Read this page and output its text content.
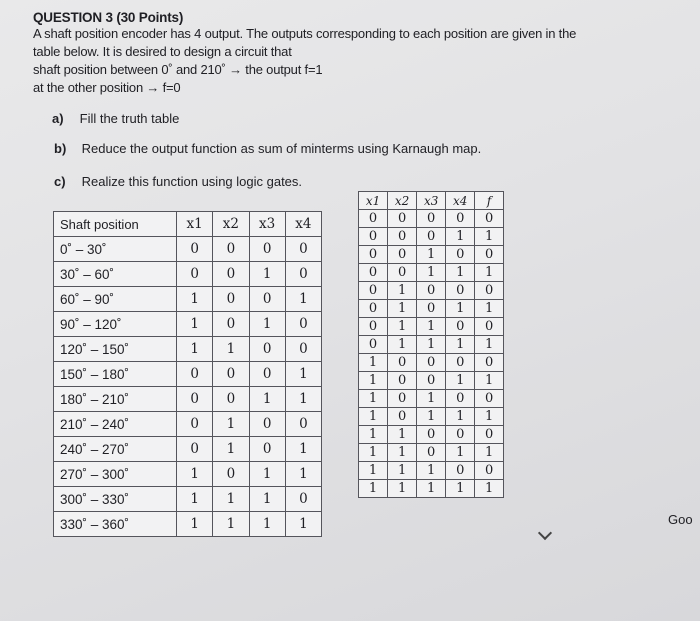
QUESTION 3 (30 Points)
A shaft position encoder has 4 output. The outputs corresponding to each position are given in the
table below. It is desired to design a circuit that
shaft position between 0˚ and 210˚ → the output f=1
at the other position → f=0
a) Fill the truth table
b) Reduce the output function as sum of minterms using Karnaugh map.
c) Realize this function using logic gates.
Shaft position	x1	x2	x3	x4
0˚ – 30˚	0	0	0	0
30˚ – 60˚	0	0	1	0
60˚ – 90˚	1	0	0	1
90˚ – 120˚	1	0	1	0
120˚ – 150˚	1	1	0	0
150˚ – 180˚	0	0	0	1
180˚ – 210˚	0	0	1	1
210˚ – 240˚	0	1	0	0
240˚ – 270˚	0	1	0	1
270˚ – 300˚	1	0	1	1
300˚ – 330˚	1	1	1	0
330˚ – 360˚	1	1	1	1
x1	x2	x3	x4	f
0	0	0	0	0
0	0	0	1	1
0	0	1	0	0
0	0	1	1	1
0	1	0	0	0
0	1	0	1	1
0	1	1	0	0
0	1	1	1	1
1	0	0	0	0
1	0	0	1	1
1	0	1	0	0
1	0	1	1	1
1	1	0	0	0
1	1	0	1	1
1	1	1	0	0
1	1	1	1	1
Goo
